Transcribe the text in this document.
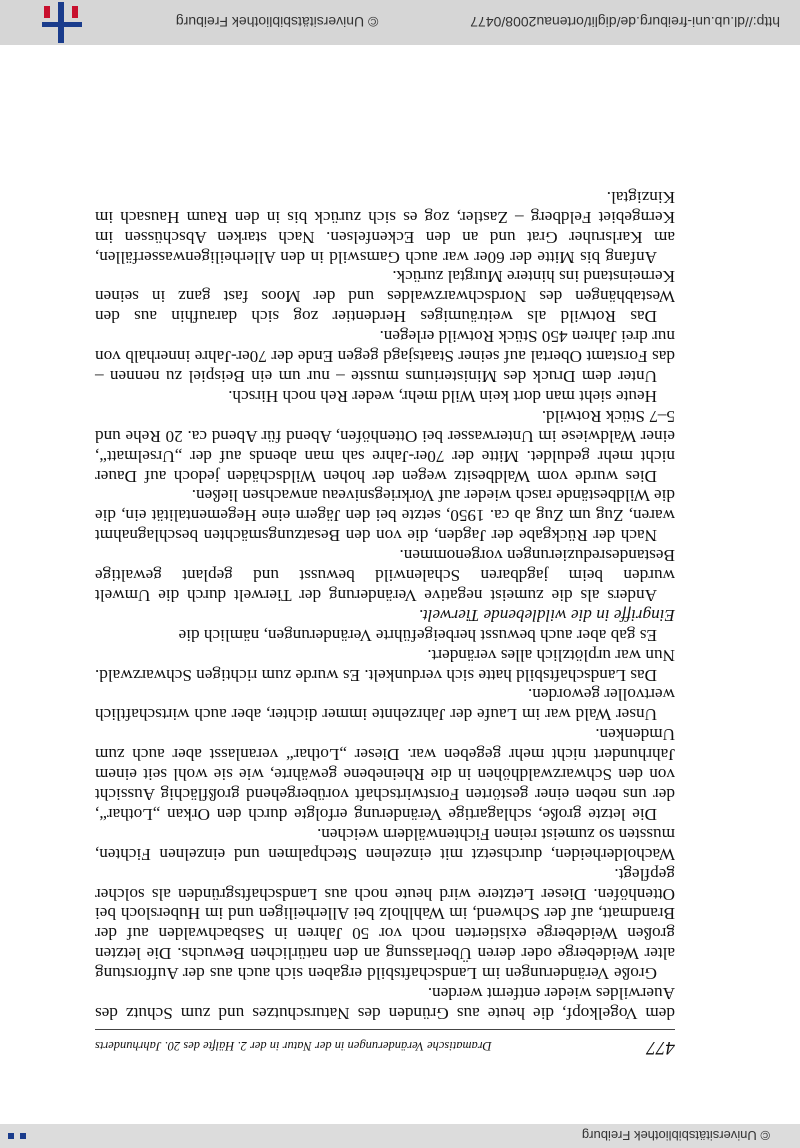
© Universitätsbibliothek Freiburg
477
Dramatische Veränderungen in der Natur in der 2. Hälfte des 20. Jahrhunderts

dem Vogelkopf, die heute aus Gründen des Naturschutzes und zum Schutz des Auerwildes wieder entfernt werden.

Große Veränderungen im Landschaftsbild ergaben sich auch aus der Aufforstung alter Weideberge oder deren Überlassung an den natürlichen Bewuchs. Die letzten großen Weideberge existierten noch vor 50 Jahren in Sasbachwalden auf der Brandmatt, auf der Schwend, im Wahlholz bei Allerheiligen und im Hubersloch bei Ottenhöfen. Dieser Letztere wird heute noch aus Landschaftsgründen als solcher gepflegt.

Wacholderheiden, durchsetzt mit einzelnen Stechpalmen und einzelnen Fichten, mussten so zumeist reinen Fichtenwäldern weichen.

Die letzte große, schlagartige Veränderung erfolgte durch den Orkan „Lothar“, der uns neben einer gestörten Forstwirtschaft vorübergehend großflächig Aussicht von den Schwarzwaldhöhen in die Rheinebene gewährte, wie sie wohl seit einem Jahrhundert nicht mehr gegeben war. Dieser „Lothar“ veranlasst aber auch zum Umdenken.

Unser Wald war im Laufe der Jahrzehnte immer dichter, aber auch wirtschaftlich wertvoller geworden.

Das Landschaftsbild hatte sich verdunkelt. Es wurde zum richtigen Schwarzwald. Nun war urplötzlich alles verändert.

Es gab aber auch bewusst herbeigeführte Veränderungen, nämlich die

Eingriffe in die wildlebende Tierwelt.

Anders als die zumeist negative Veränderung der Tierwelt durch die Umwelt wurden beim jagdbaren Schalenwild bewusst und geplant gewaltige Bestandesreduzierungen vorgenommen.

Nach der Rückgabe der Jagden, die von den Besatzungsmächten beschlagnahmt waren, Zug um Zug ab ca. 1950, setzte bei den Jägern eine Hegementalität ein, die die Wildbestände rasch wieder auf Vorkriegsniveau anwachsen ließen.

Dies wurde vom Waldbesitz wegen der hohen Wildschäden jedoch auf Dauer nicht mehr geduldet. Mitte der 70er-Jahre sah man abends auf der „Urselmatt“, einer Waldwiese im Unterwasser bei Ottenhöfen, Abend für Abend ca. 20 Rehe und 5–7 Stück Rotwild.

Heute sieht man dort kein Wild mehr, weder Reh noch Hirsch.

Unter dem Druck des Ministeriums musste – nur um ein Beispiel zu nennen – das Forstamt Obertal auf seiner Staatsjagd gegen Ende der 70er-Jahre innerhalb von nur drei Jahren 450 Stück Rotwild erlegen.

Das Rotwild als weiträumiges Herdentier zog sich daraufhin aus den Westabhängen des Nordschwarzwaldes und der Moos fast ganz in seinen Kerneinstand ins hintere Murgtal zurück.

Anfang bis Mitte der 60er war auch Gamswild in den Allerheiligenwasserfällen, am Karlsruher Grat und an den Eckenfelsen. Nach starken Abschüssen im Kerngebiet Feldberg – Zastler, zog es sich zurück bis in den Raum Hausach im Kinzigtal.

http://dl.ub.uni-freiburg.de/diglit/ortenau2008/0477
© Universitätsbibliothek Freiburg
